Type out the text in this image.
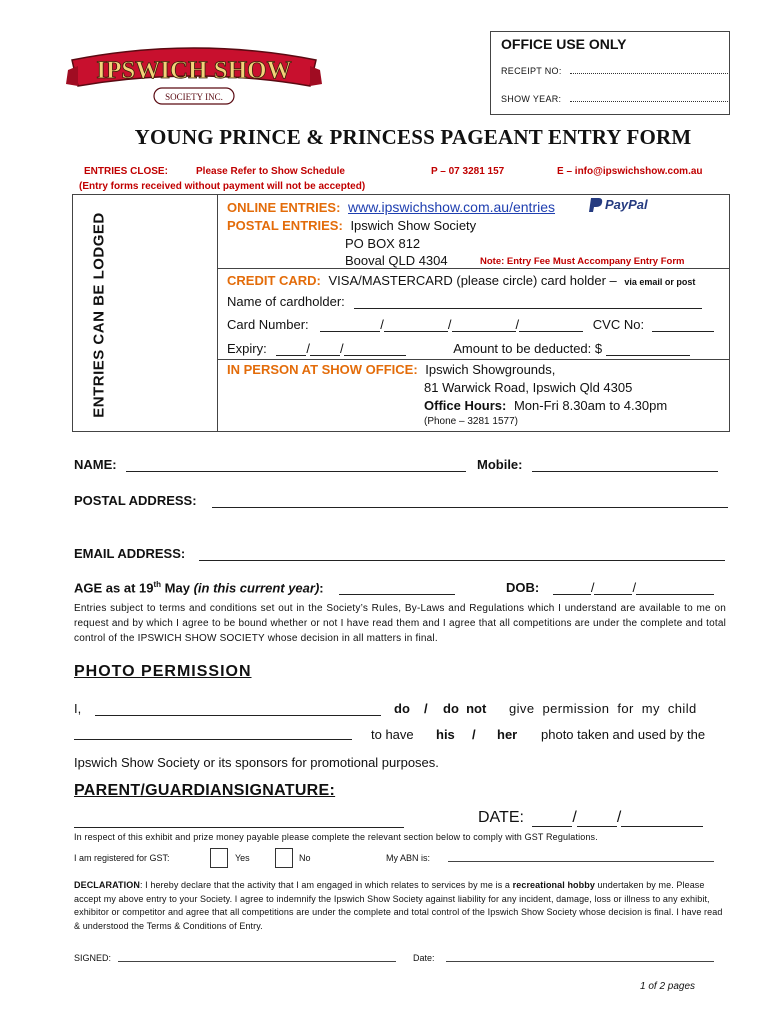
IPSWICH SHOW
SOCIETY INC.
OFFICE USE ONLY
RECEIPT NO:
SHOW YEAR:
YOUNG PRINCE & PRINCESS PAGEANT ENTRY FORM
ENTRIES CLOSE:	Please Refer to Show Schedule	P – 07 3281 157	E – info@ipswichshow.com.au
(Entry forms received without payment will not be accepted)
ENTRIES CAN BE LODGED
ONLINE ENTRIES: www.ipswichshow.com.au/entries	PayPal
POSTAL ENTRIES: Ipswich Show Society
PO BOX 812
Booval QLD 4304	Note: Entry Fee Must Accompany Entry Form
CREDIT CARD: VISA/MASTERCARD (please circle) card holder – via email or post
Name of cardholder:
Card Number:	/	/	/	CVC No:
Expiry:	/ /	Amount to be deducted: $
IN PERSON AT SHOW OFFICE: Ipswich Showgrounds,
81 Warwick Road, Ipswich Qld 4305
Office Hours: Mon-Fri 8.30am to 4.30pm
(Phone – 3281 1577)
NAME:	Mobile:
POSTAL ADDRESS:
EMAIL ADDRESS:
AGE as at 19th May (in this current year):	DOB:	/	/
Entries subject to terms and conditions set out in the Society’s Rules, By-Laws and Regulations which I understand are available to me on request and by which I agree to be bound whether or not I have read them and I agree that all competitions are under the complete and total control of the IPSWICH SHOW SOCIETY whose decision in all matters in final.
PHOTO PERMISSION
I,	do / do  not give  permission  for  my  child
to have his / her photo taken and used by the
Ipswich Show Society or its sponsors for promotional purposes.
PARENT/GUARDIANSIGNATURE:
DATE:	/	/
In respect of this exhibit and prize money payable please complete the relevant section below to comply with GST Regulations.
I am registered for GST:	Yes	No	My ABN is:
DECLARATION: I hereby declare that the activity that I am engaged in which relates to services by me is a recreational hobby undertaken by me. Please accept my above entry to your Society. I agree to indemnify the Ipswich Show Society against liability for any incident, damage, loss or illness to any exhibit, exhibitor or competitor and agree that all competitions are under the complete and total control of the Ipswich Show Society whose decision is final. I have read & understood the Terms & Conditions of Entry.
SIGNED:	Date:
1 of 2 pages
